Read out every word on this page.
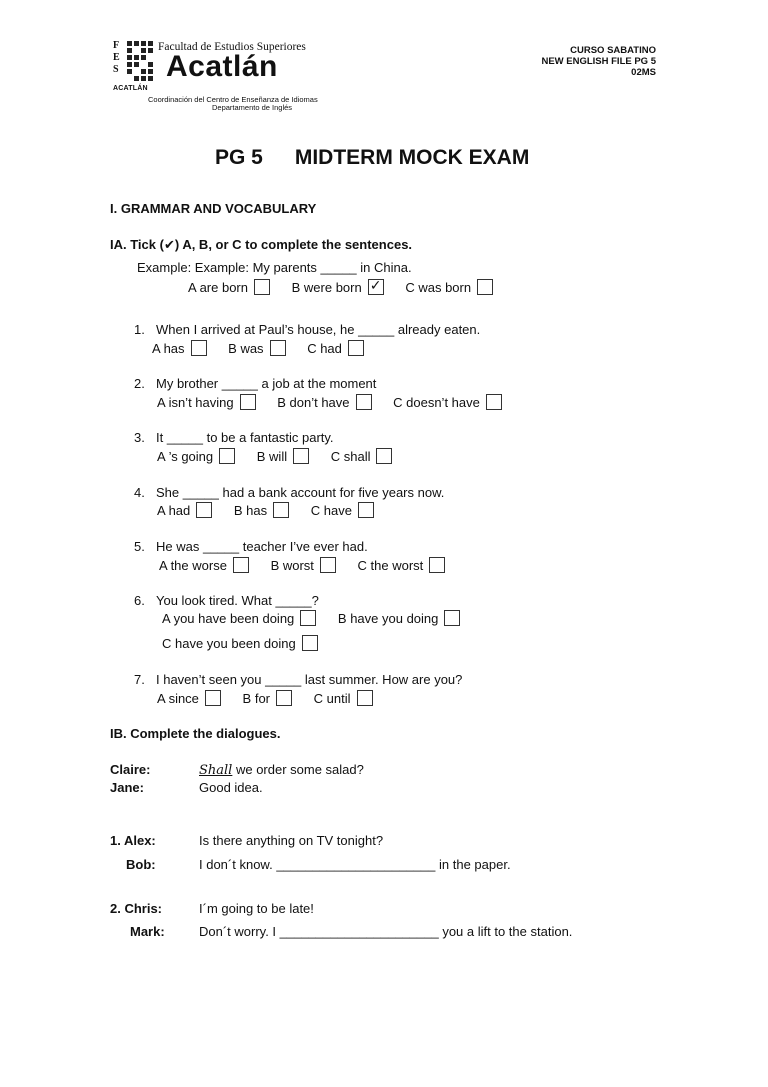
F
E
S
Facultad de Estudios Superiores
Acatlán
ACATLÁN
Coordinación del Centro de Enseñanza de Idiomas
Departamento de Inglés
CURSO SABATINO
NEW ENGLISH FILE PG 5
02MS
PG 5 MIDTERM MOCK EXAM
I. GRAMMAR AND VOCABULARY
IA. Tick (✔) A, B, or C to complete the sentences.
Example: Example: My parents _____ in China.
A are born	B were born ✓ C was born
1. When I arrived at Paul’s house, he _____ already eaten.
A has	B was	C had
2. My brother _____ a job at the moment
A isn’t having	B don’t have	C doesn’t have
3. It _____ to be a fantastic party.
A ’s going	B will	C shall
4. She _____ had a bank account for five years now.
A had	B has	C have
5. He was _____ teacher I’ve ever had.
A the worse	B worst	C the worst
6. You look tired. What _____?
A you have been doing	B have you doing
C have you been doing
7. I haven’t seen you _____ last summer. How are you?
A since	B for	C until
IB. Complete the dialogues.
Claire:	Shall we order some salad?
Jane:	Good idea.
1. Alex:	Is there anything on TV tonight?
Bob:	I don´t know. ______________________ in the paper.
2. Chris:	I´m going to be late!
Mark:	Don´t worry. I ______________________ you a lift to the station.
